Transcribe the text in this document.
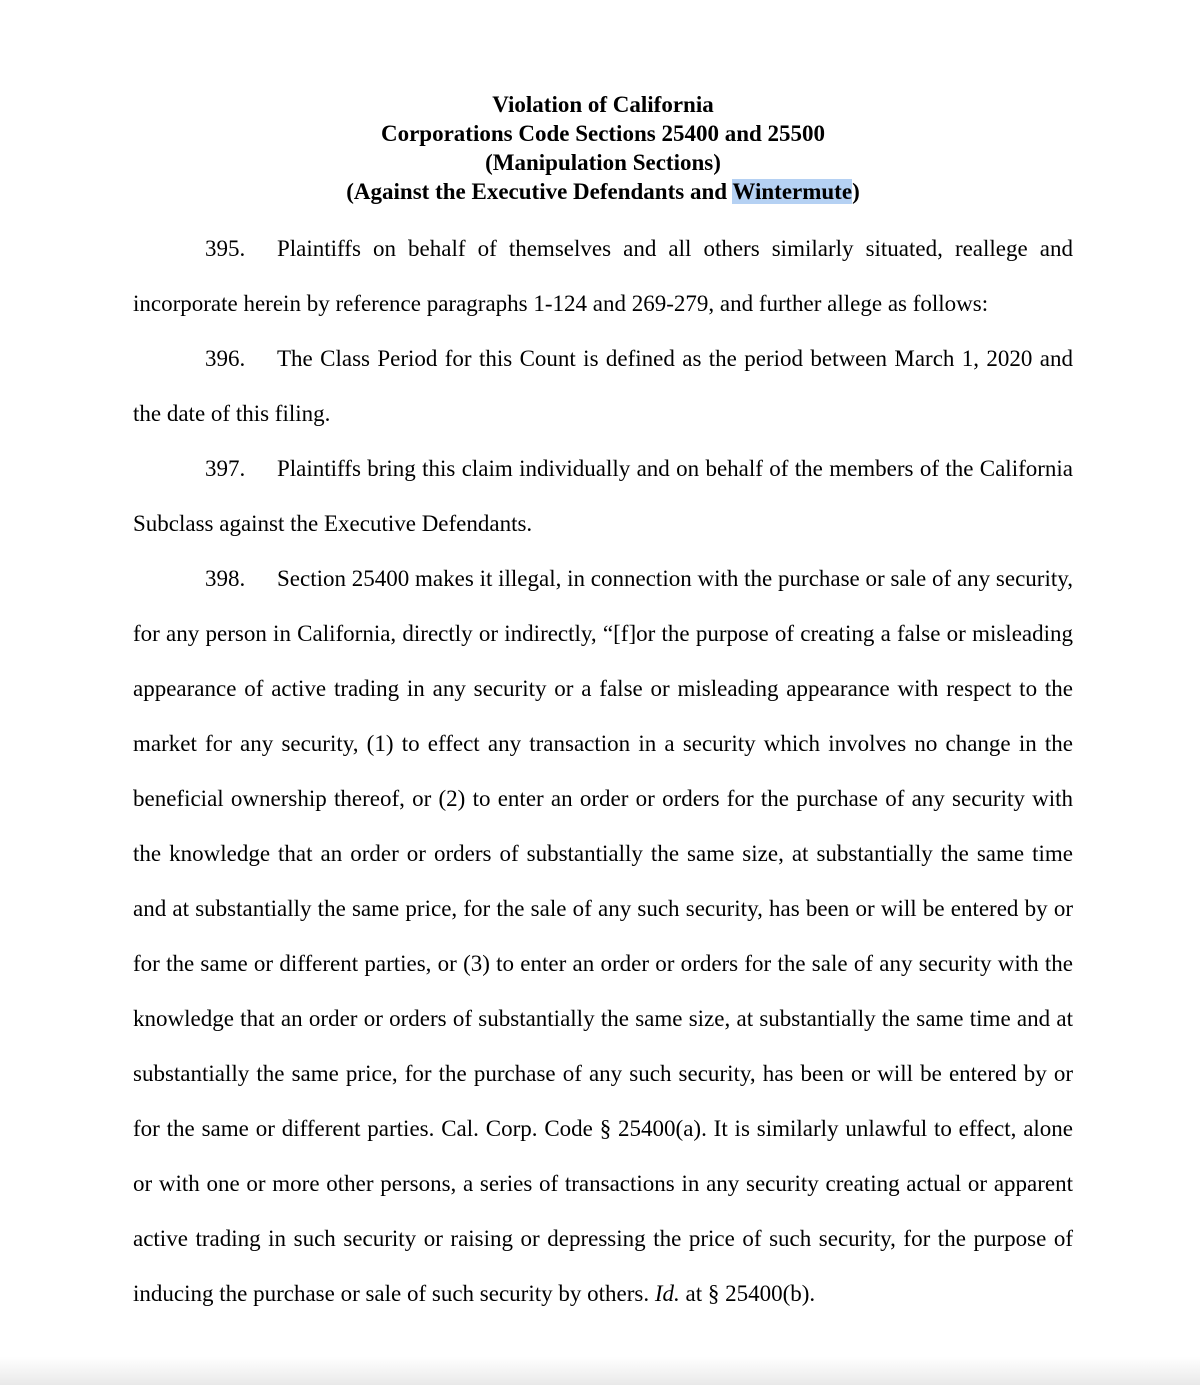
Violation of California
Corporations Code Sections 25400 and 25500
(Manipulation Sections)
(Against the Executive Defendants and Wintermute)

395. Plaintiffs on behalf of themselves and all others similarly situated, reallege and incorporate herein by reference paragraphs 1-124 and 269-279, and further allege as follows:

396. The Class Period for this Count is defined as the period between March 1, 2020 and the date of this filing.

397. Plaintiffs bring this claim individually and on behalf of the members of the California Subclass against the Executive Defendants.

398. Section 25400 makes it illegal, in connection with the purchase or sale of any security, for any person in California, directly or indirectly, “[f]or the purpose of creating a false or misleading appearance of active trading in any security or a false or misleading appearance with respect to the market for any security, (1) to effect any transaction in a security which involves no change in the beneficial ownership thereof, or (2) to enter an order or orders for the purchase of any security with the knowledge that an order or orders of substantially the same size, at substantially the same time and at substantially the same price, for the sale of any such security, has been or will be entered by or for the same or different parties, or (3) to enter an order or orders for the sale of any security with the knowledge that an order or orders of substantially the same size, at substantially the same time and at substantially the same price, for the purchase of any such security, has been or will be entered by or for the same or different parties. Cal. Corp. Code § 25400(a). It is similarly unlawful to effect, alone or with one or more other persons, a series of transactions in any security creating actual or apparent active trading in such security or raising or depressing the price of such security, for the purpose of inducing the purchase or sale of such security by others. Id. at § 25400(b).
